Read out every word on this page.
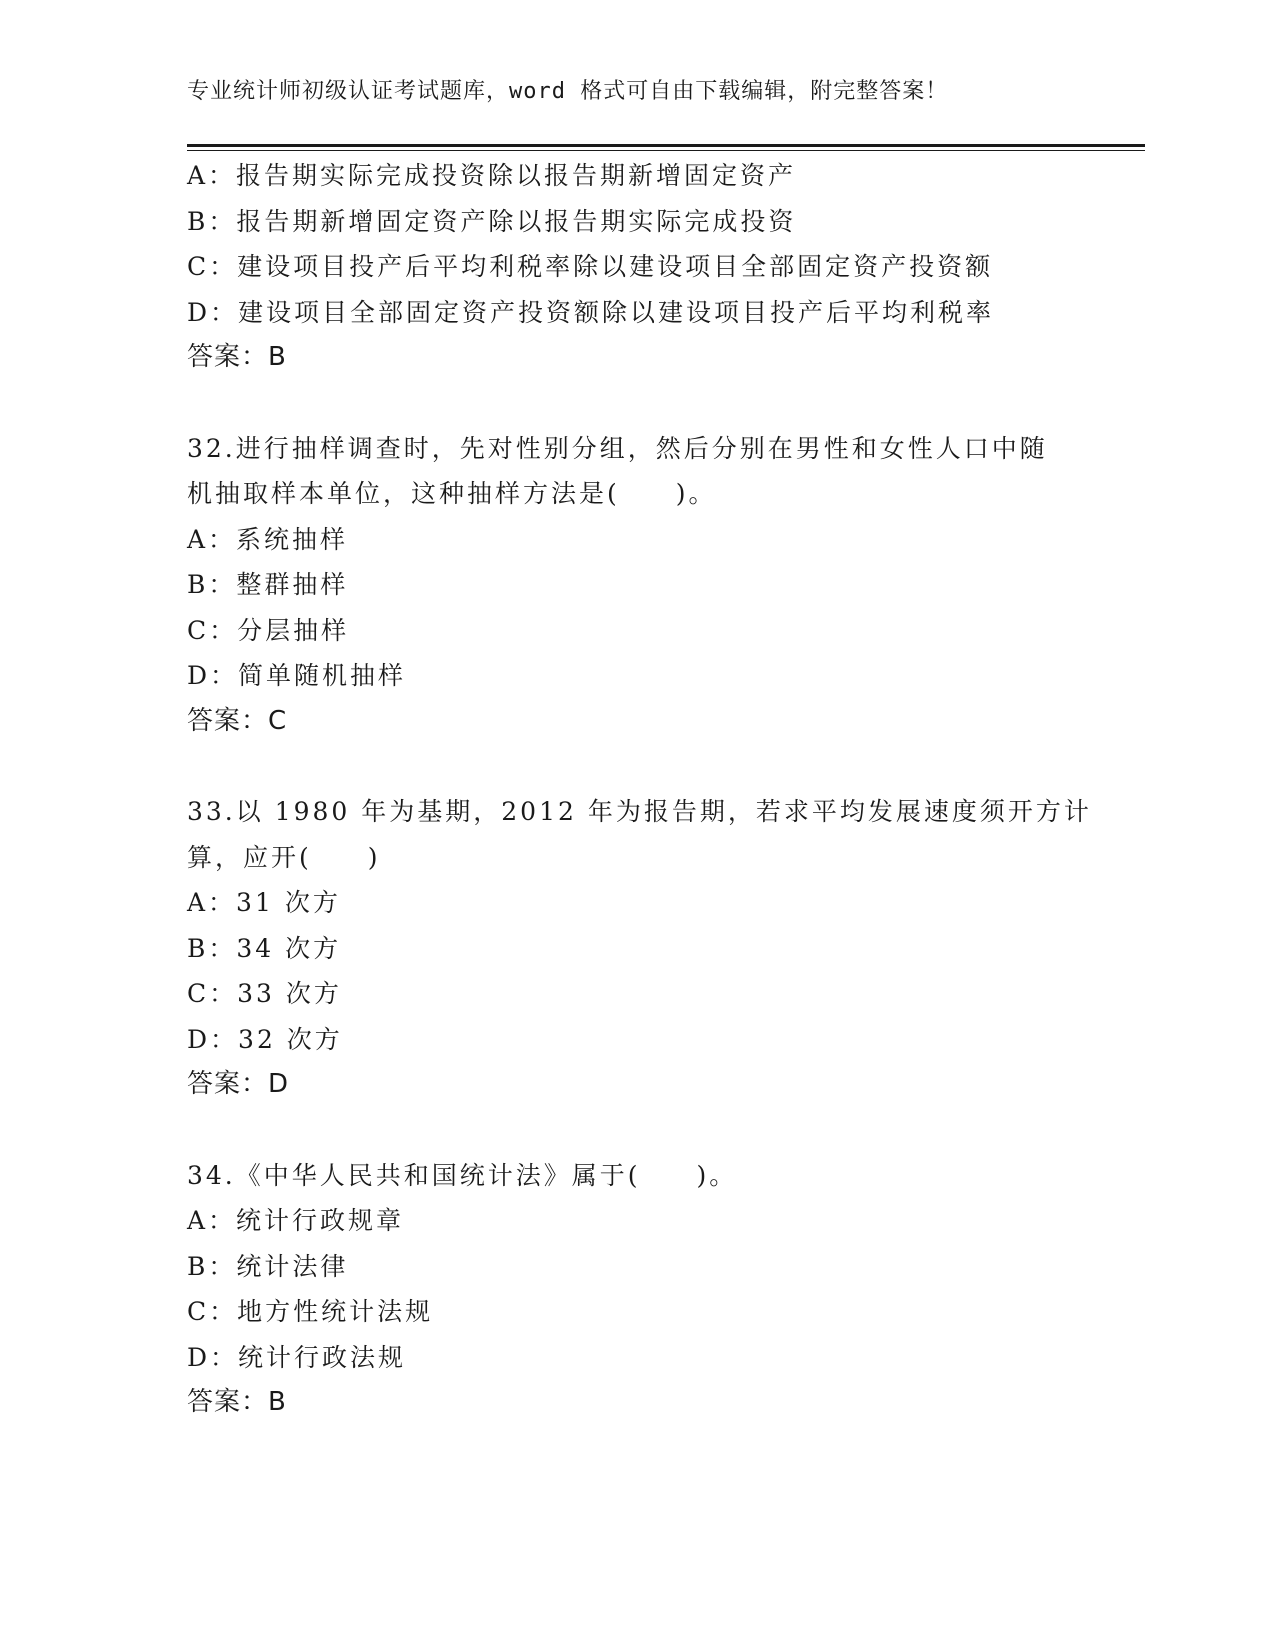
专业统计师初级认证考试题库，word 格式可自由下载编辑，附完整答案！
A：报告期实际完成投资除以报告期新增固定资产
B：报告期新增固定资产除以报告期实际完成投资
C：建设项目投产后平均利税率除以建设项目全部固定资产投资额
D：建设项目全部固定资产投资额除以建设项目投产后平均利税率
答案：B
32.进行抽样调查时，先对性别分组，然后分别在男性和女性人口中随
机抽取样本单位，这种抽样方法是(　　)。
A：系统抽样
B：整群抽样
C：分层抽样
D：简单随机抽样
答案：C
33.以 1980 年为基期，2012 年为报告期，若求平均发展速度须开方计
算，应开(　　)
A：31 次方
B：34 次方
C：33 次方
D：32 次方
答案：D
34.《中华人民共和国统计法》属于(　　)。
A：统计行政规章
B：统计法律
C：地方性统计法规
D：统计行政法规
答案：B
